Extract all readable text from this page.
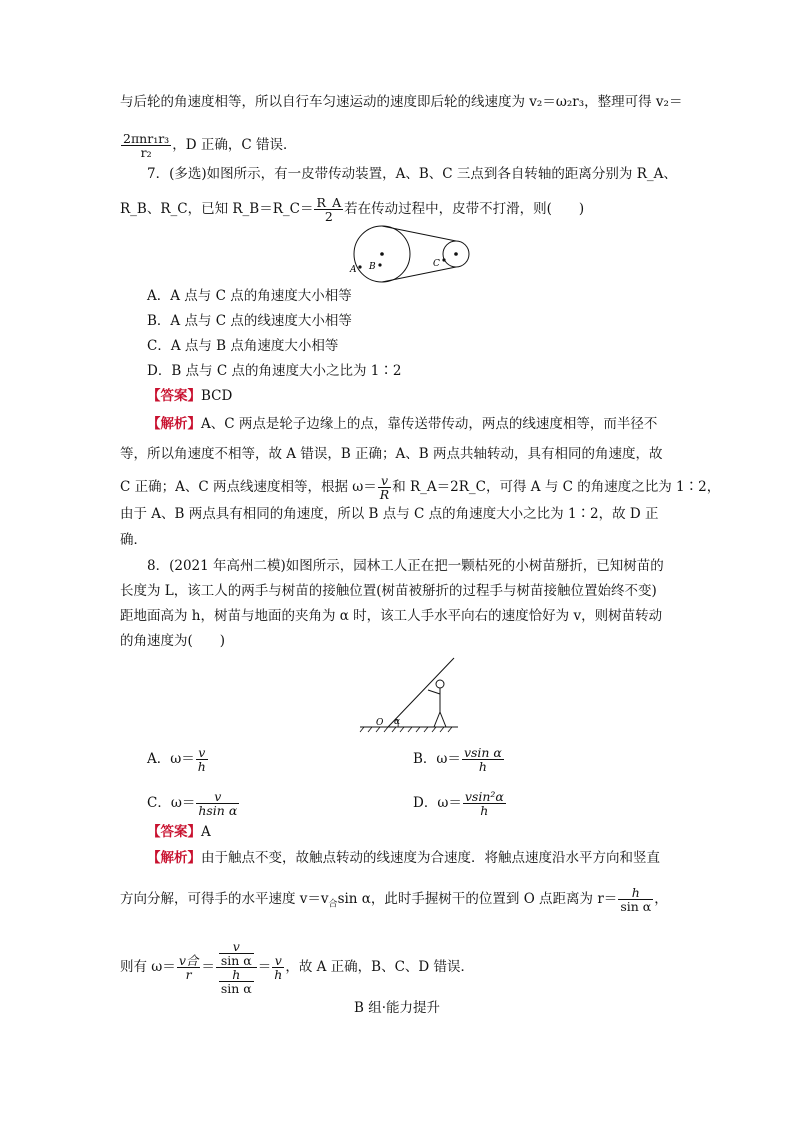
与后轮的角速度相等，所以自行车匀速运动的速度即后轮的线速度为 v₂＝ω₂r₃，整理可得 v₂＝
$\frac{\text{2πnr₁r₃}}{\text{r₂}}$ ，D 正确，C 错误．
7．(多选)如图所示，有一皮带传动装置，A、B、C 三点到各自转轴的距离分别为 R_A、
R_B、R_C，已知 R_B＝R_C＝ $\frac{R\_A}{2}$ 若在传动过程中，皮带不打滑，则(　　)
A B	C
A．A 点与 C 点的角速度大小相等
B．A 点与 C 点的线速度大小相等
C．A 点与 B 点角速度大小相等
D．B 点与 C 点的角速度大小之比为 1∶2
【答案】BCD
【解析】A、C 两点是轮子边缘上的点，靠传送带传动，两点的线速度相等，而半径不
等，所以角速度不相等，故 A 错误，B 正确；A、B 两点共轴转动，具有相同的角速度，故
C 正确；A、C 两点线速度相等，根据 $\omega= \frac{v}{R}$ 和 R_A＝2R_C，可得 A 与 C 的角速度之比为 1∶2，
由于 A、B 两点具有相同的角速度，所以 B 点与 C 点的角速度大小之比为 1∶2，故 D 正
确．
8．(2021 年高州二模)如图所示，园林工人正在把一颗枯死的小树苗掰折，已知树苗的
长度为 L，该工人的两手与树苗的接触位置(树苗被掰折的过程手与树苗接触位置始终不变)
距地面高为 h，树苗与地面的夹角为 α 时，该工人手水平向右的速度恰好为 v，则树苗转动
的角速度为(　　)
O α
A．$\omega= \frac{v}{h}$	B．$\omega= \frac{\text{vsin α}}{h}$
C．$\omega= \frac{v}{\text{hsin α}}$	D．$\omega= \frac{\text{vsin²α}}{h}$
【答案】A
【解析】由于触点不变，故触点转动的线速度为合速度．将触点速度沿水平方向和竖直
方向分解，可得手的水平速度 $v=v_合\sin$ α，此时手握树干的位置到 O 点距离为 $r= \frac{h}{\text{sin α}}$ ，
则有 $\omega= \frac{\text{v合}}{r} = \frac{\frac{v}{\text{sin α}}}{\frac{h}{\text{sin α}}} = \frac{v}{h}$ ，故 A 正确，B、C、D 错误．
B 组·能力提升
